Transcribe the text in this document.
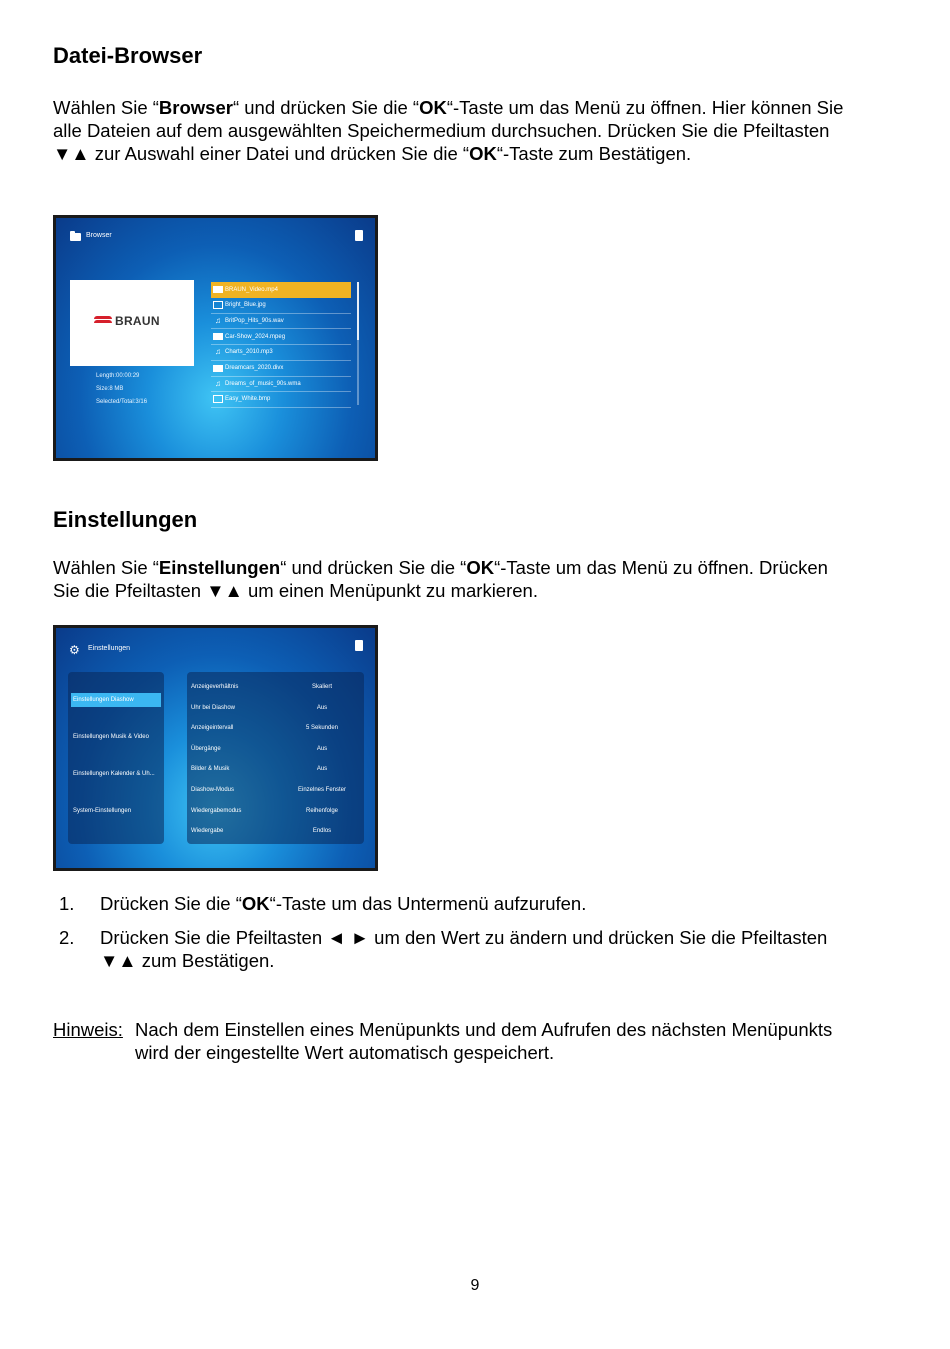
Datei-Browser

Wählen Sie “Browser“ und drücken Sie die “OK“-Taste um das Menü zu öffnen. Hier können Sie alle Dateien auf dem ausgewählten Speichermedium durchsuchen. Drücken Sie die Pfeiltasten ▼▲ zur Auswahl einer Datei und drücken Sie die “OK“-Taste zum Bestätigen.

Browser
BRAUN
Length:00:00:29
Size:8 MB
Selected/Total:3/16
BRAUN_Video.mp4
Bright_Blue.jpg
♫ BritPop_Hits_90s.wav
Car-Show_2024.mpeg
♫ Charts_2010.mp3
Dreamcars_2020.divx
♫ Dreams_of_music_90s.wma
Easy_White.bmp
Einstellungen

Wählen Sie “Einstellungen“ und drücken Sie die “OK“-Taste um das Menü zu öffnen. Drücken Sie die Pfeiltasten ▼▲ um einen Menüpunkt zu markieren.

⚙ Einstellungen
Einstellungen Diashow
Einstellungen Musik & Video
Einstellungen Kalender & Uh...
System-Einstellungen
Anzeigeverhältnis	Skaliert
Uhr bei Diashow	Aus
Anzeigeintervall	5 Sekunden
Übergänge	Aus
Bilder & Musik	Aus
Diashow-Modus	Einzelnes Fenster
Wiedergabemodus	Reihenfolge
Wiedergabe	Endlos
1. Drücken Sie die “OK“-Taste um das Untermenü aufzurufen.
2. Drücken Sie die Pfeiltasten ◄ ► um den Wert zu ändern und drücken Sie die Pfeiltasten ▼▲ zum Bestätigen.
Hinweis: Nach dem Einstellen eines Menüpunkts und dem Aufrufen des nächsten Menüpunkts wird der eingestellte Wert automatisch gespeichert.
9
